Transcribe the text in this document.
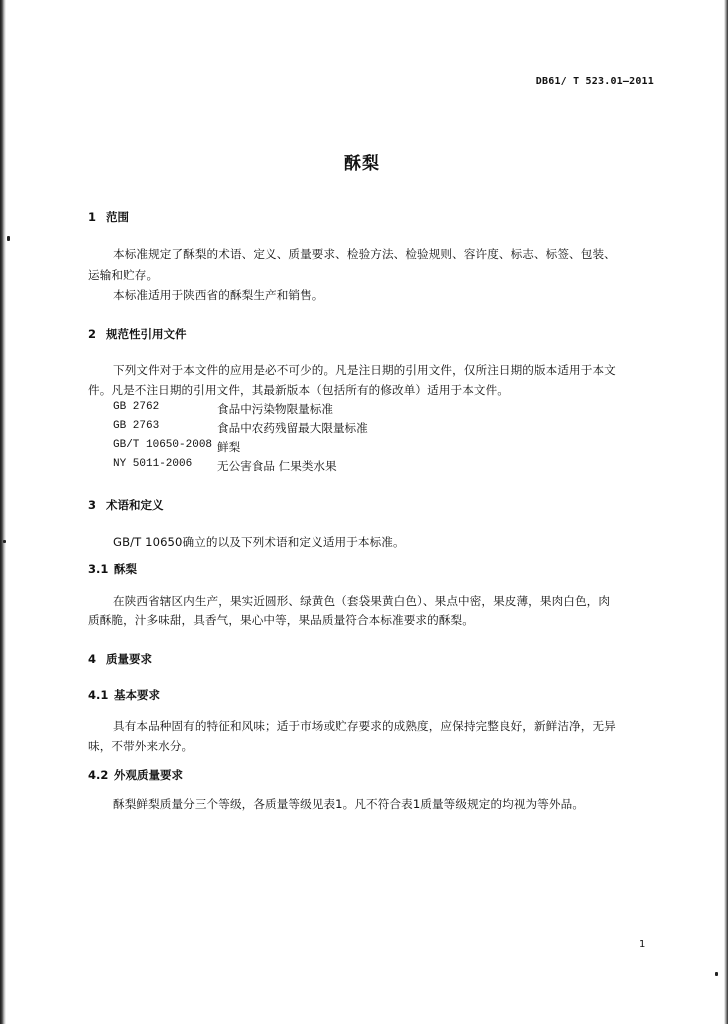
DB61/ T 523.01—2011
酥梨
1 范围
本标准规定了酥梨的术语、定义、质量要求、检验方法、检验规则、容许度、标志、标签、包装、
运输和贮存。
本标准适用于陕西省的酥梨生产和销售。
2 规范性引用文件
下列文件对于本文件的应用是必不可少的。凡是注日期的引用文件，仅所注日期的版本适用于本文
件。凡是不注日期的引用文件，其最新版本（包括所有的修改单）适用于本文件。
GB 2762	食品中污染物限量标准
GB 2763	食品中农药残留最大限量标准
GB/T 10650-2008 鲜梨
NY 5011-2006 无公害食品 仁果类水果
3 术语和定义
GB/T 10650确立的以及下列术语和定义适用于本标准。
3.1 酥梨
在陕西省辖区内生产，果实近圆形、绿黄色（套袋果黄白色）、果点中密，果皮薄，果肉白色，肉
质酥脆，汁多味甜，具香气，果心中等，果品质量符合本标准要求的酥梨。
4 质量要求
4.1 基本要求
具有本品种固有的特征和风味；适于市场或贮存要求的成熟度，应保持完整良好，新鲜洁净，无异
味，不带外来水分。
4.2 外观质量要求
酥梨鲜梨质量分三个等级，各质量等级见表1。凡不符合表1质量等级规定的均视为等外品。
1
